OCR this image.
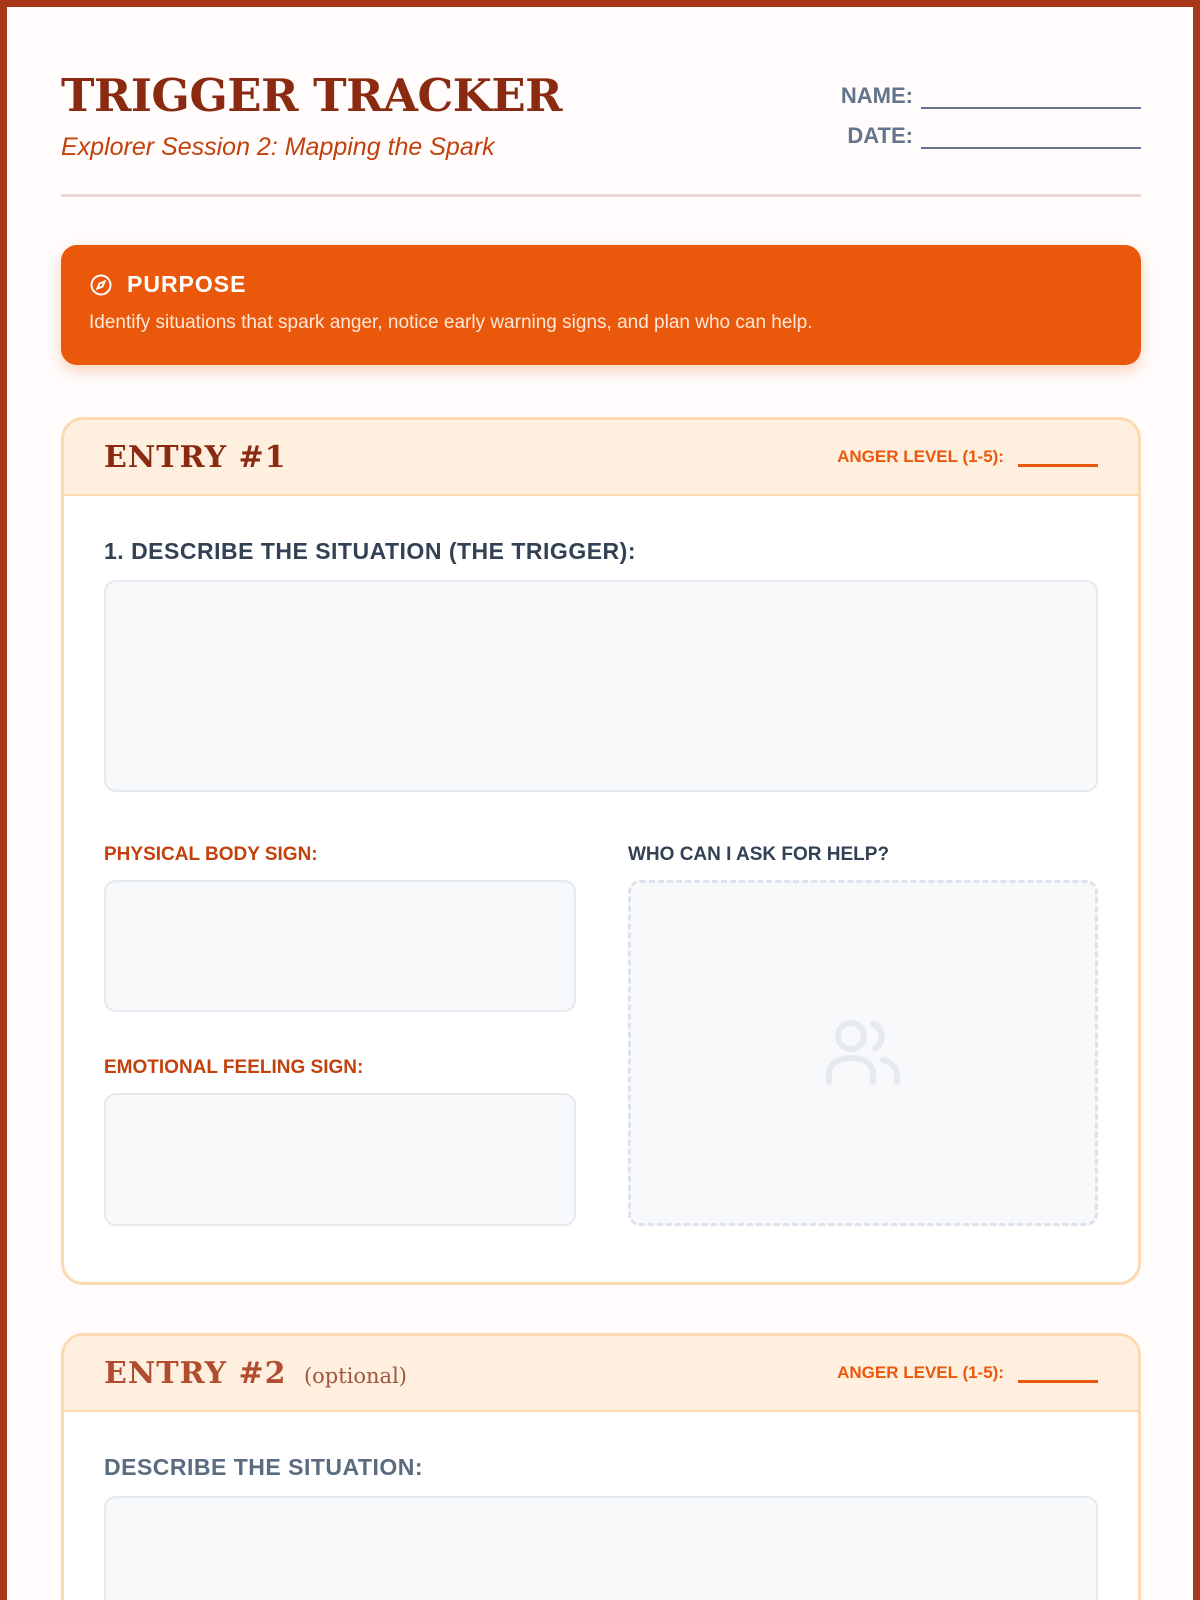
TRIGGER TRACKER
Explorer Session 2: Mapping the Spark
NAME:
DATE:
PURPOSE
Identify situations that spark anger, notice early warning signs, and plan who can help.
ENTRY #1	ANGER LEVEL (1-5):
1. DESCRIBE THE SITUATION (THE TRIGGER):
PHYSICAL BODY SIGN:
EMOTIONAL FEELING SIGN:
WHO CAN I ASK FOR HELP?
ENTRY #2 (optional)	ANGER LEVEL (1-5):
DESCRIBE THE SITUATION:
